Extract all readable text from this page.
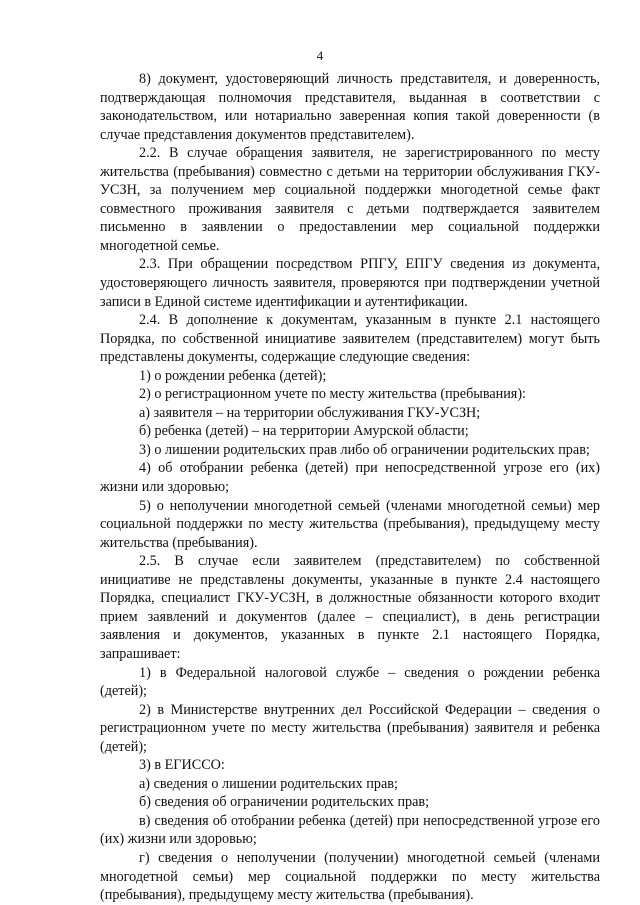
4

8) документ, удостоверяющий личность представителя, и доверенность, подтверждающая полномочия представителя, выданная в соответствии с законодательством, или нотариально заверенная копия такой доверенности (в случае представления документов представителем).

2.2. В случае обращения заявителя, не зарегистрированного по месту жительства (пребывания) совместно с детьми на территории обслуживания ГКУ-УСЗН, за получением мер социальной поддержки многодетной семье факт совместного проживания заявителя с детьми подтверждается заявителем письменно в заявлении о предоставлении мер социальной поддержки многодетной семье.

2.3. При обращении посредством РПГУ, ЕПГУ сведения из документа, удостоверяющего личность заявителя, проверяются при подтверждении учетной записи в Единой системе идентификации и аутентификации.

2.4. В дополнение к документам, указанным в пункте 2.1 настоящего Порядка, по собственной инициативе заявителем (представителем) могут быть представлены документы, содержащие следующие сведения:

1) о рождении ребенка (детей);

2) о регистрационном учете по месту жительства (пребывания):

а) заявителя – на территории обслуживания ГКУ-УСЗН;

б) ребенка (детей) – на территории Амурской области;

3) о лишении родительских прав либо об ограничении родительских прав;

4) об отобрании ребенка (детей) при непосредственной угрозе его (их) жизни или здоровью;

5) о неполучении многодетной семьей (членами многодетной семьи) мер социальной поддержки по месту жительства (пребывания), предыдущему месту жительства (пребывания).

2.5. В случае если заявителем (представителем) по собственной инициативе не представлены документы, указанные в пункте 2.4 настоящего Порядка, специалист ГКУ-УСЗН, в должностные обязанности которого входит прием заявлений и документов (далее – специалист), в день регистрации заявления и документов, указанных в пункте 2.1 настоящего Порядка, запрашивает:

1) в Федеральной налоговой службе – сведения о рождении ребенка (детей);

2) в Министерстве внутренних дел Российской Федерации – сведения о регистрационном учете по месту жительства (пребывания) заявителя и ребенка (детей);

3) в ЕГИССО:

а) сведения о лишении родительских прав;

б) сведения об ограничении родительских прав;

в) сведения об отобрании ребенка (детей) при непосредственной угрозе его (их) жизни или здоровью;

г) сведения о неполучении (получении) многодетной семьей (членами многодетной семьи) мер социальной поддержки по месту жительства (пребывания), предыдущему месту жительства (пребывания).
